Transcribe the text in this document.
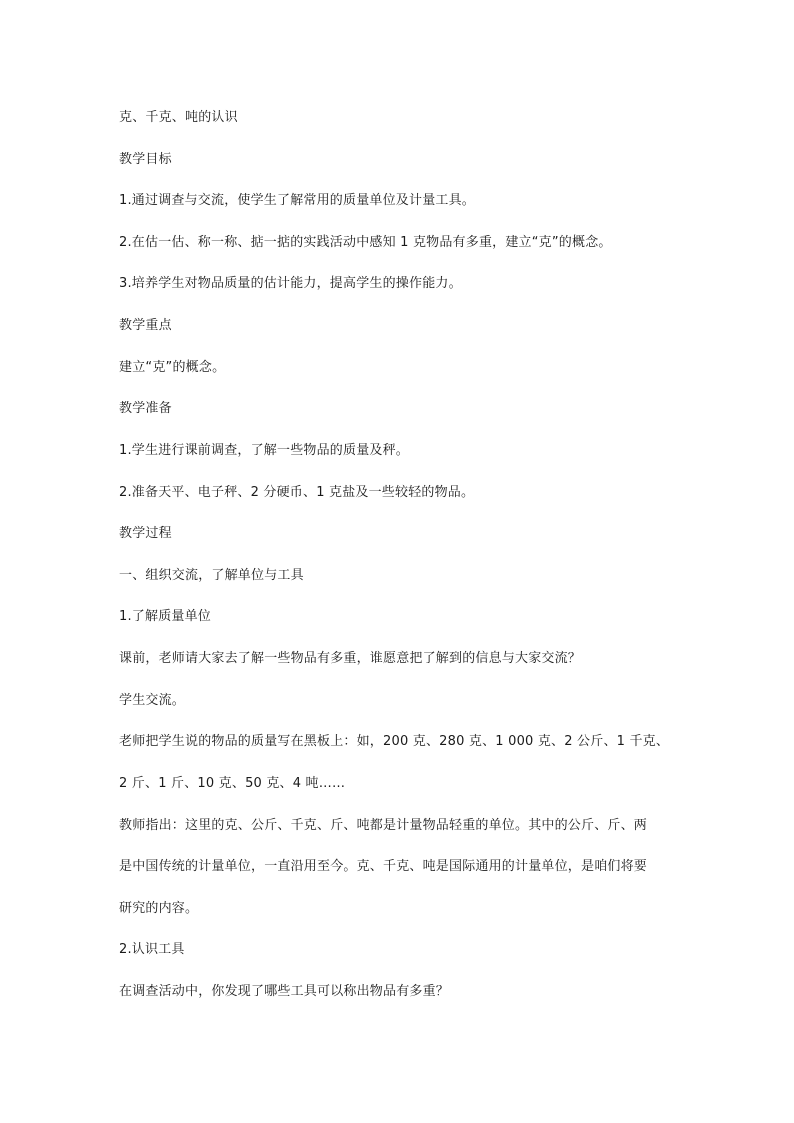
克、千克、吨的认识
教学目标
1.通过调查与交流，使学生了解常用的质量单位及计量工具。
2.在估一估、称一称、掂一掂的实践活动中感知 1 克物品有多重，建立“克”的概念。
3.培养学生对物品质量的估计能力，提高学生的操作能力。
教学重点
建立“克”的概念。
教学准备
1.学生进行课前调查，了解一些物品的质量及秤。
2.准备天平、电子秤、2 分硬币、1 克盐及一些较轻的物品。
教学过程
一、组织交流，了解单位与工具
1.了解质量单位
课前，老师请大家去了解一些物品有多重，谁愿意把了解到的信息与大家交流？
学生交流。
老师把学生说的物品的质量写在黑板上：如，200 克、280 克、1 000 克、2 公斤、1 千克、
2 斤、1 斤、10 克、50 克、4 吨……
教师指出：这里的克、公斤、千克、斤、吨都是计量物品轻重的单位。其中的公斤、斤、两
是中国传统的计量单位，一直沿用至今。克、千克、吨是国际通用的计量单位，是咱们将要
研究的内容。
2.认识工具
在调查活动中，你发现了哪些工具可以称出物品有多重？
